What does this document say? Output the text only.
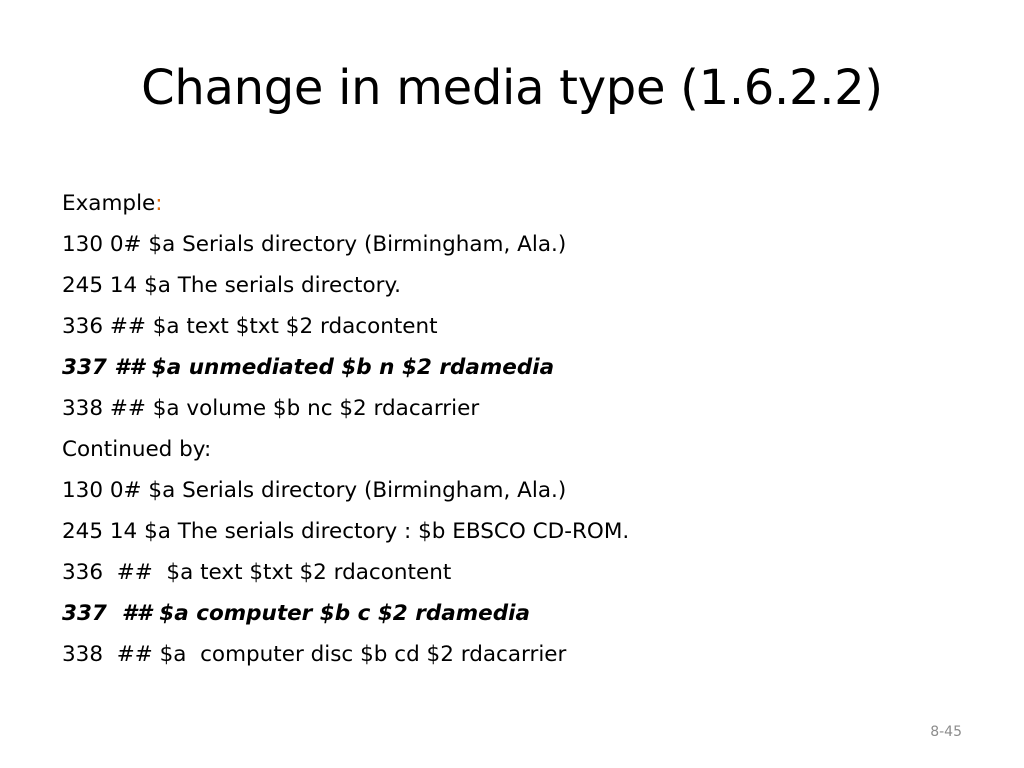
Change in media type (1.6.2.2)
Example:
130 0# $a Serials directory (Birmingham, Ala.)
245 14 $a The serials directory.
336 ## $a text $txt $2 rdacontent
337 ## $a unmediated $b n $2 rdamedia
338 ## $a volume $b nc $2 rdacarrier
Continued by:
130 0# $a Serials directory (Birmingham, Ala.)
245 14 $a The serials directory : $b EBSCO CD-ROM.
336  ##  $a text $txt $2 rdacontent
337  ## $a computer $b c $2 rdamedia
338  ## $a  computer disc $b cd $2 rdacarrier
8-45
